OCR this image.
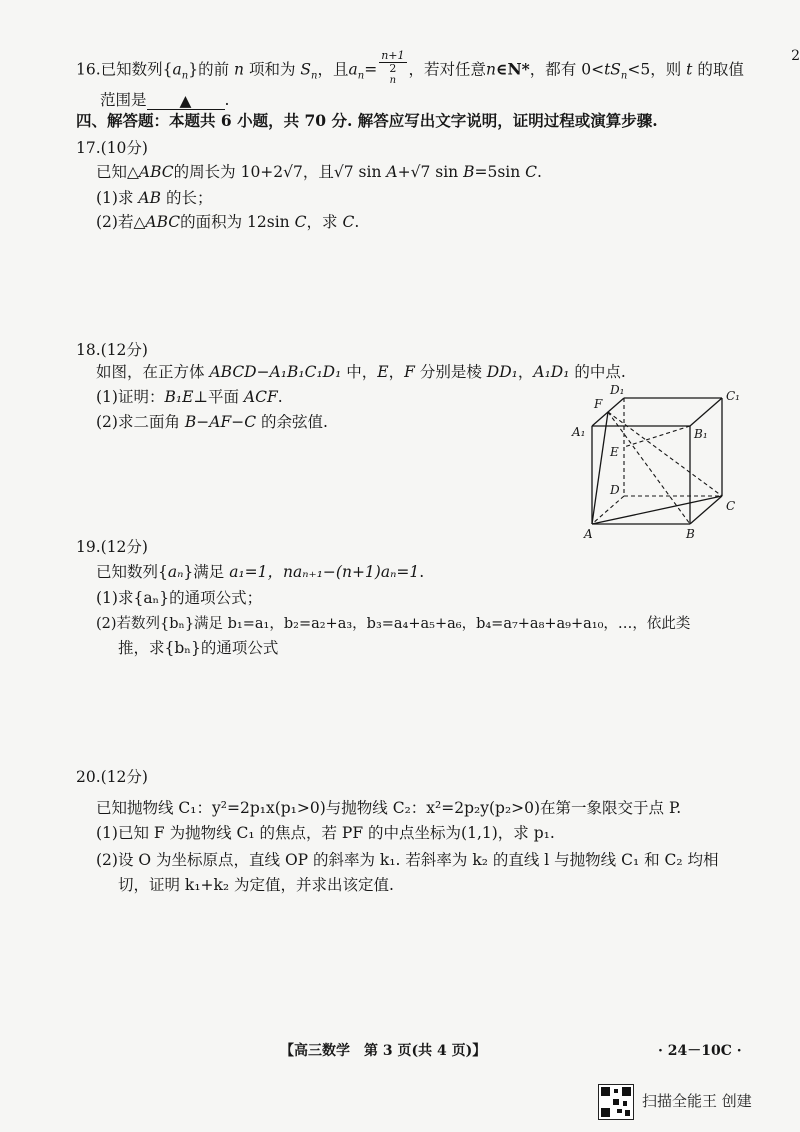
2
16.已知数列$\{a_n\}$的前 n 项和为 $S_n$，且$a_n= n+1$
2
$^n$ ，若对任意n∈N*，都有 $0<tS_n<5$，则 t 的取值
范围是 ▲ .
四、解答题：本题共 6 小题，共 70 分. 解答应写出文字说明，证明过程或演算步骤.
17.(10分)
已知△ABC的周长为 10+2√7，且√7 sin A+√7 sin B=5sin C.
(1)求 AB 的长；
(2)若△ABC的面积为 12sin C，求 C.
18.(12分)
如图，在正方体 ABCD−A₁B₁C₁D₁ 中，E，F 分别是棱 DD₁，A₁D₁ 的中点.
(1)证明：B₁E⊥平面 ACF.
(2)求二面角 B−AF−C 的余弦值.
D₁	C₁
F
A₁	B₁
E
D
C
A	B
19.(12分)
已知数列{aₙ}满足 a₁=1，naₙ₊₁−(n+1)aₙ=1.
(1)求{aₙ}的通项公式；
(2)若数列{bₙ}满足 b₁=a₁，b₂=a₂+a₃，b₃=a₄+a₅+a₆，b₄=a₇+a₈+a₉+a₁₀，…，依此类
推，求{bₙ}的通项公式
20.(12分)
已知抛物线 C₁：y²=2p₁x(p₁>0)与抛物线 C₂：x²=2p₂y(p₂>0)在第一象限交于点 P.
(1)已知 F 为抛物线 C₁ 的焦点，若 PF 的中点坐标为(1,1)，求 p₁.
(2)设 O 为坐标原点，直线 OP 的斜率为 k₁. 若斜率为 k₂ 的直线 l 与抛物线 C₁ 和 C₂ 均相
切，证明 k₁+k₂ 为定值，并求出该定值.
【高三数学　第 3 页(共 4 页)】	· 24－10C ·
扫描全能王 创建
